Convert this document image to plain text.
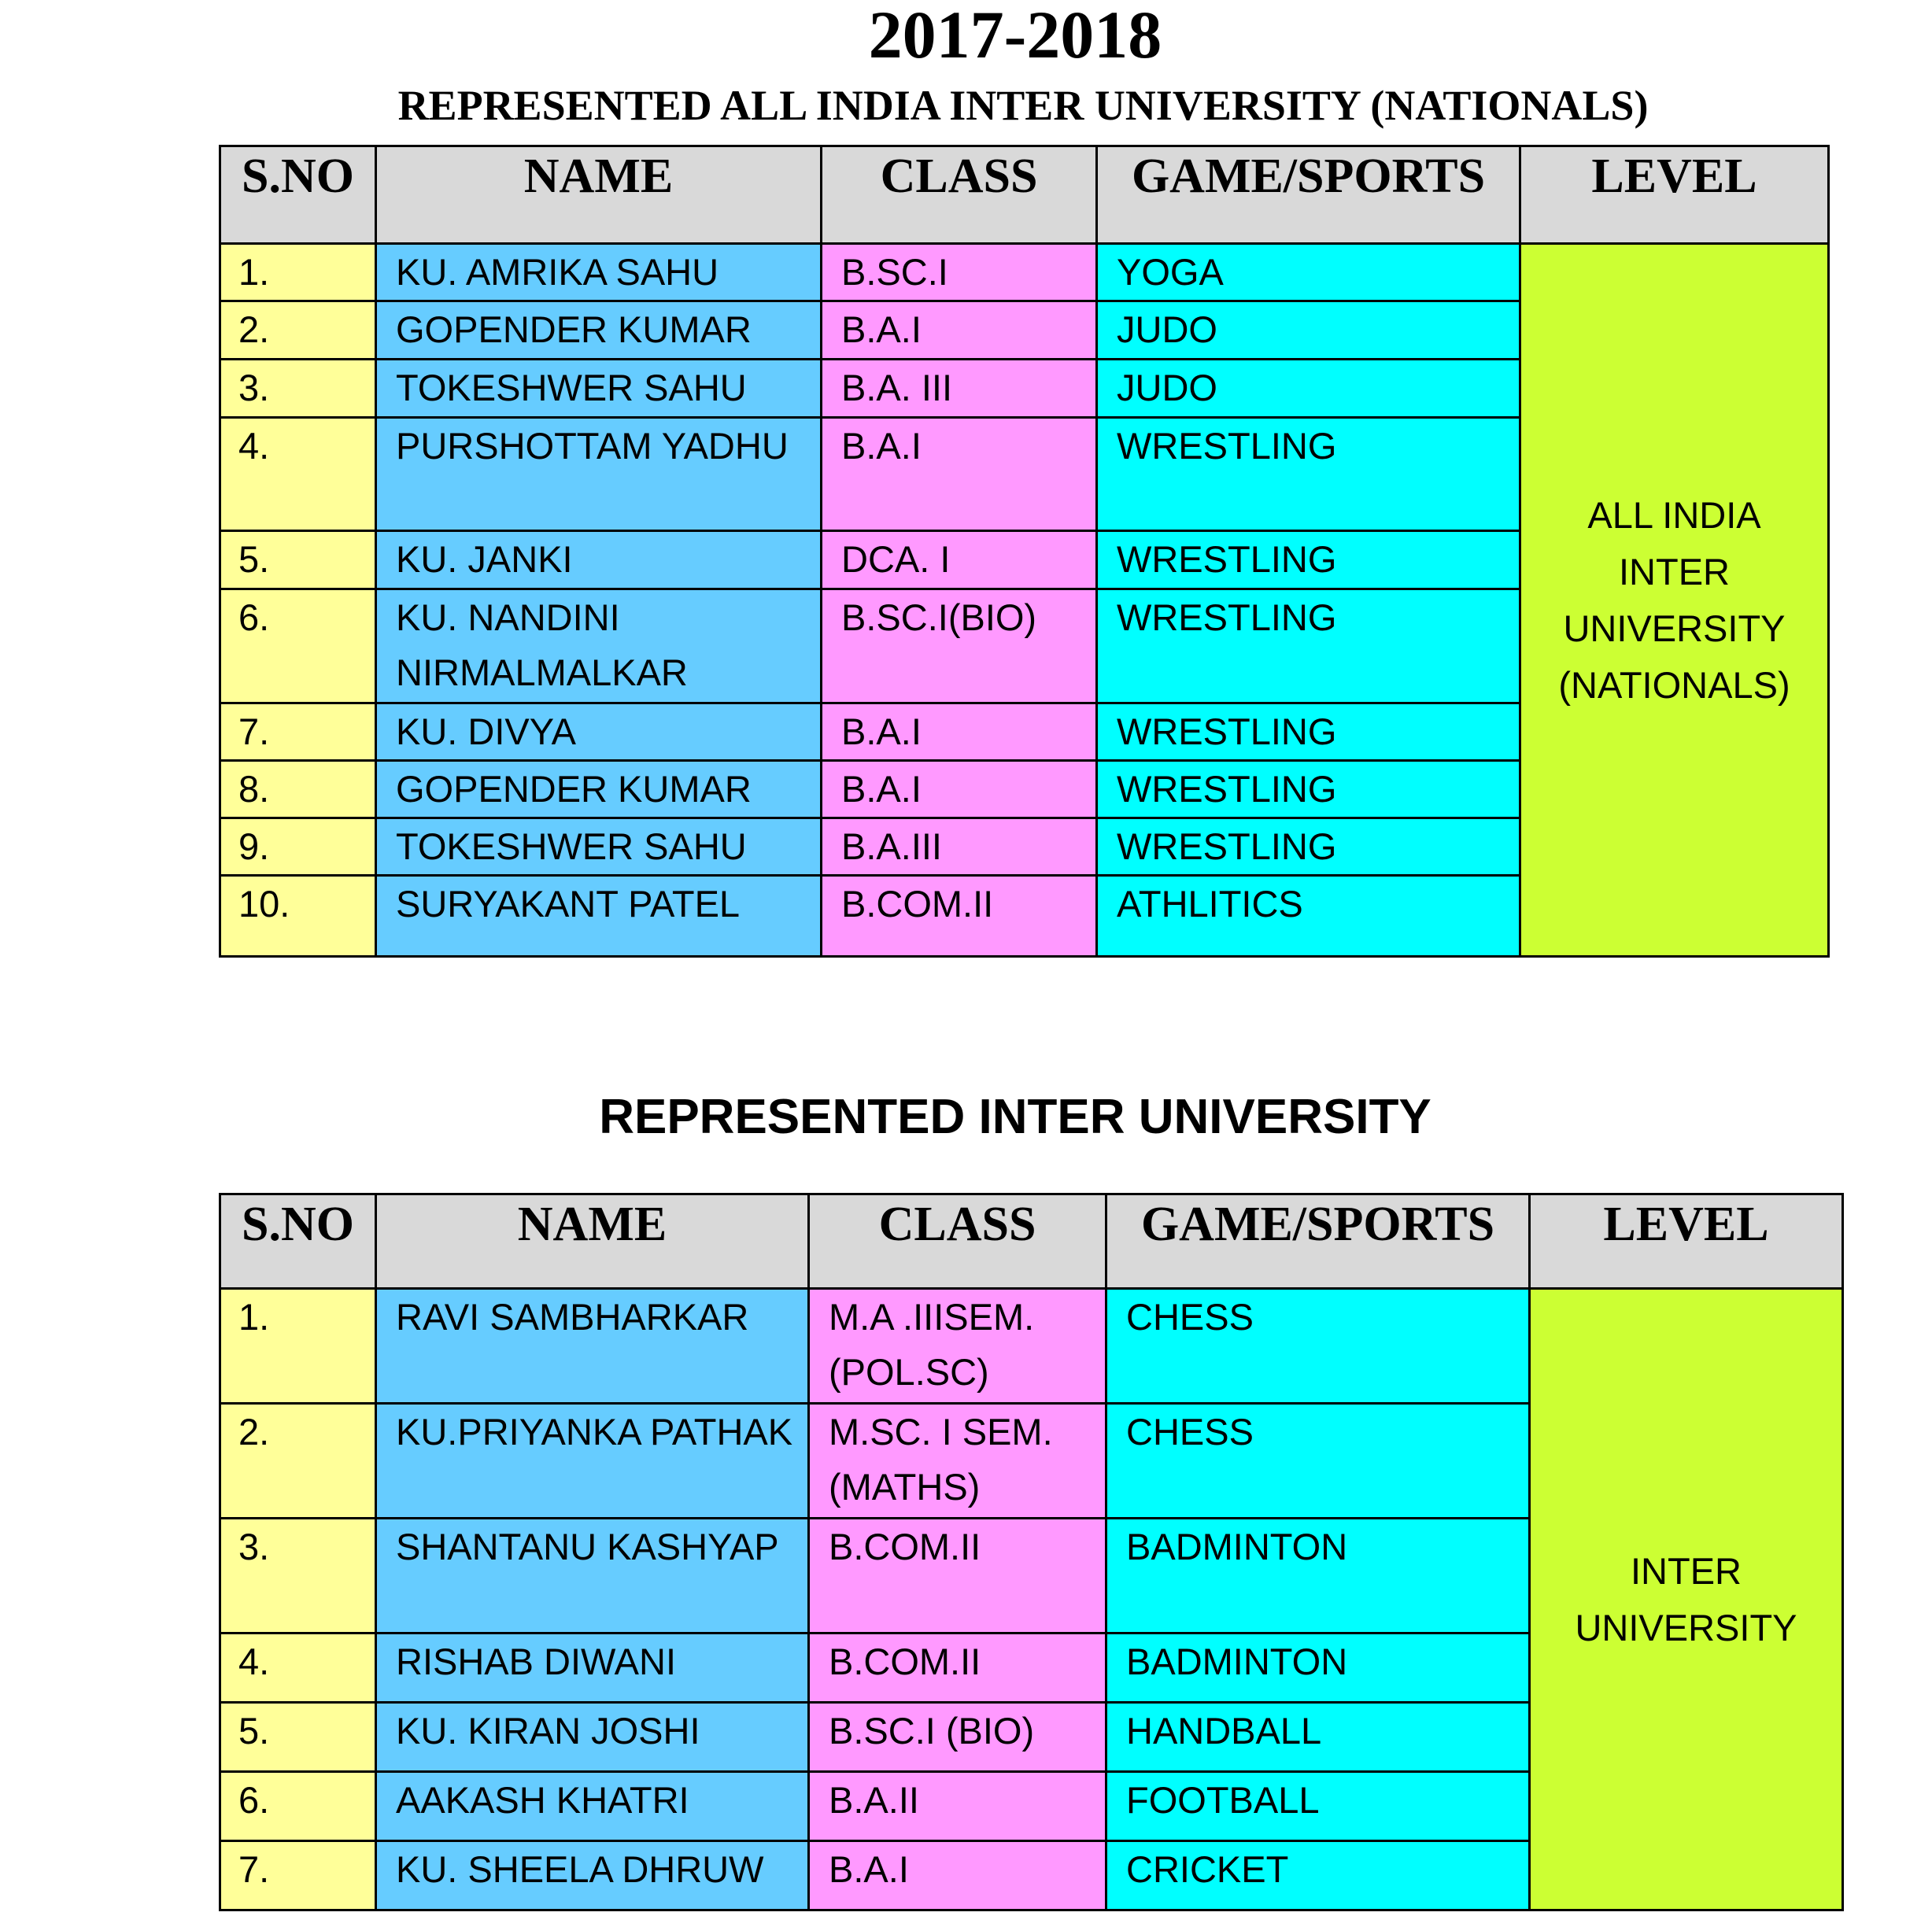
2017-2018
REPRESENTED ALL INDIA INTER UNIVERSITY (NATIONALS)
S.NO	NAME	CLASS	GAME/SPORTS	LEVEL
1.	KU. AMRIKA SAHU	B.SC.I	YOGA	ALL INDIA INTER UNIVERSITY (NATIONALS)
2.	GOPENDER KUMAR	B.A.I	JUDO	
3.	TOKESHWER SAHU	B.A. III	JUDO	
4.	PURSHOTTAM YADHU	B.A.I	WRESTLING	
5.	KU. JANKI	DCA. I	WRESTLING	
6.	KU. NANDINI NIRMALMALKAR	B.SC.I(BIO)	WRESTLING	
7.	KU. DIVYA	B.A.I	WRESTLING	
8.	GOPENDER KUMAR	B.A.I	WRESTLING	
9.	TOKESHWER SAHU	B.A.III	WRESTLING	
10.	SURYAKANT PATEL	B.COM.II	ATHLITICS	
REPRESENTED INTER UNIVERSITY
S.NO	NAME	CLASS	GAME/SPORTS	LEVEL
1.	RAVI SAMBHARKAR	M.A .IIISEM. (POL.SC)	CHESS	INTER UNIVERSITY
2.	KU.PRIYANKA PATHAK	M.SC. I SEM.(MATHS)	CHESS	
3.	SHANTANU KASHYAP	B.COM.II	BADMINTON	
4.	RISHAB DIWANI	B.COM.II	BADMINTON	
5.	KU. KIRAN JOSHI	B.SC.I (BIO)	HANDBALL	
6.	AAKASH KHATRI	B.A.II	FOOTBALL	
7.	KU. SHEELA DHRUW	B.A.I	CRICKET	
